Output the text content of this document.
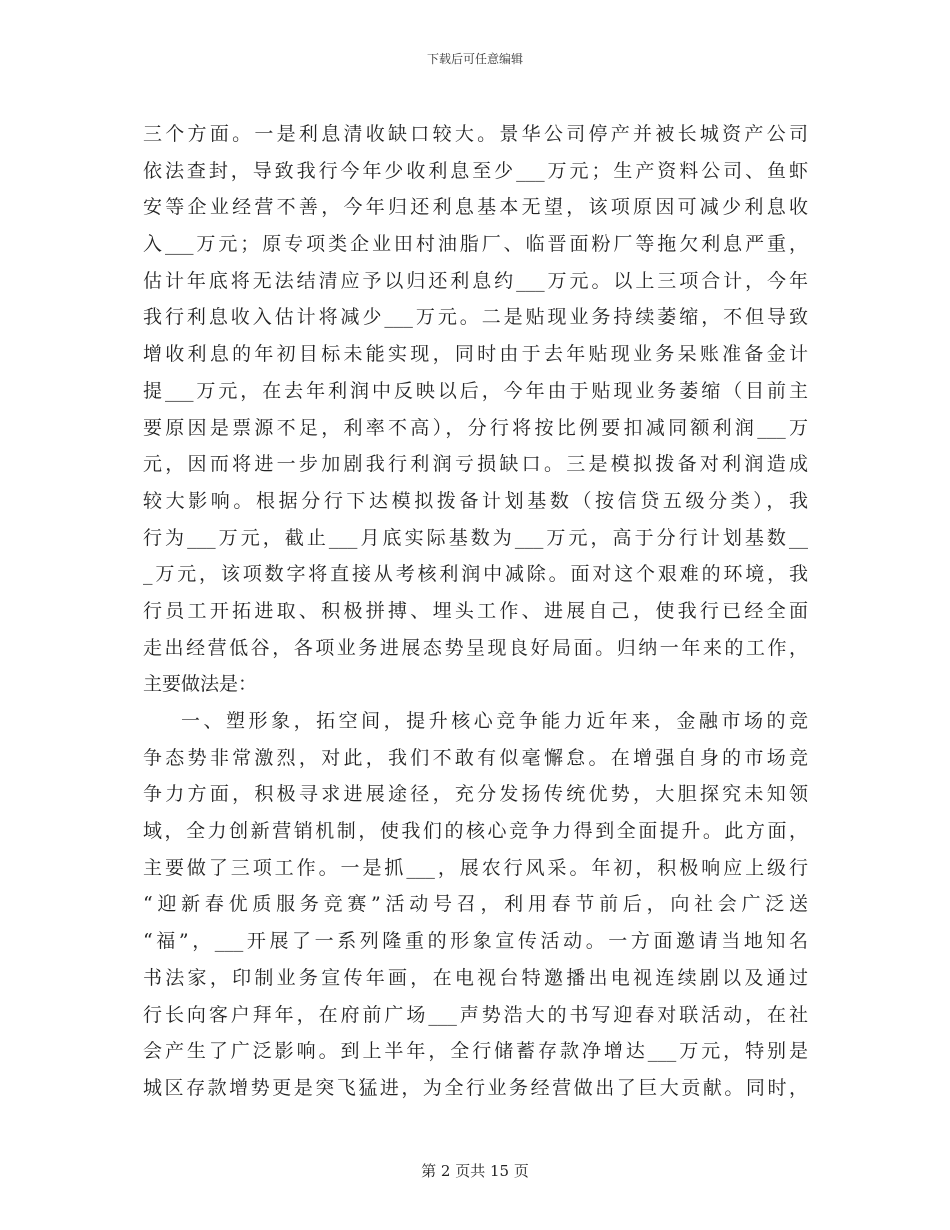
下载后可任意编辑
三个方面。一是利息清收缺口较大。景华公司停产并被长城资产公司
依法查封，导致我行今年少收利息至少___万元；生产资料公司、鱼虾
安等企业经营不善，今年归还利息基本无望，该项原因可减少利息收
入___万元；原专项类企业田村油脂厂、临晋面粉厂等拖欠利息严重，
估计年底将无法结清应予以归还利息约___万元。以上三项合计，今年
我行利息收入估计将减少___万元。二是贴现业务持续萎缩，不但导致
增收利息的年初目标未能实现，同时由于去年贴现业务呆账准备金计
提___万元，在去年利润中反映以后，今年由于贴现业务萎缩（目前主
要原因是票源不足，利率不高），分行将按比例要扣减同额利润___万
元，因而将进一步加剧我行利润亏损缺口。三是模拟拨备对利润造成
较大影响。根据分行下达模拟拨备计划基数（按信贷五级分类），我
行为___万元，截止___月底实际基数为___万元，高于分行计划基数__
_万元，该项数字将直接从考核利润中减除。面对这个艰难的环境，我
行员工开拓进取、积极拼搏、埋头工作、进展自己，使我行已经全面
走出经营低谷，各项业务进展态势呈现良好局面。归纳一年来的工作，
主要做法是：
一、塑形象，拓空间，提升核心竞争能力近年来，金融市场的竞
争态势非常激烈，对此，我们不敢有似毫懈怠。在增强自身的市场竞
争力方面，积极寻求进展途径，充分发扬传统优势，大胆探究未知领
域，全力创新营销机制，使我们的核心竞争力得到全面提升。此方面，
主要做了三项工作。一是抓___，展农行风采。年初，积极响应上级行
“迎新春优质服务竞赛”活动号召，利用春节前后，向社会广泛送
“福”，___开展了一系列隆重的形象宣传活动。一方面邀请当地知名
书法家，印制业务宣传年画，在电视台特邀播出电视连续剧以及通过
行长向客户拜年，在府前广场___声势浩大的书写迎春对联活动，在社
会产生了广泛影响。到上半年，全行储蓄存款净增达___万元，特别是
城区存款增势更是突飞猛进，为全行业务经营做出了巨大贡献。同时，
第 2 页共 15 页
